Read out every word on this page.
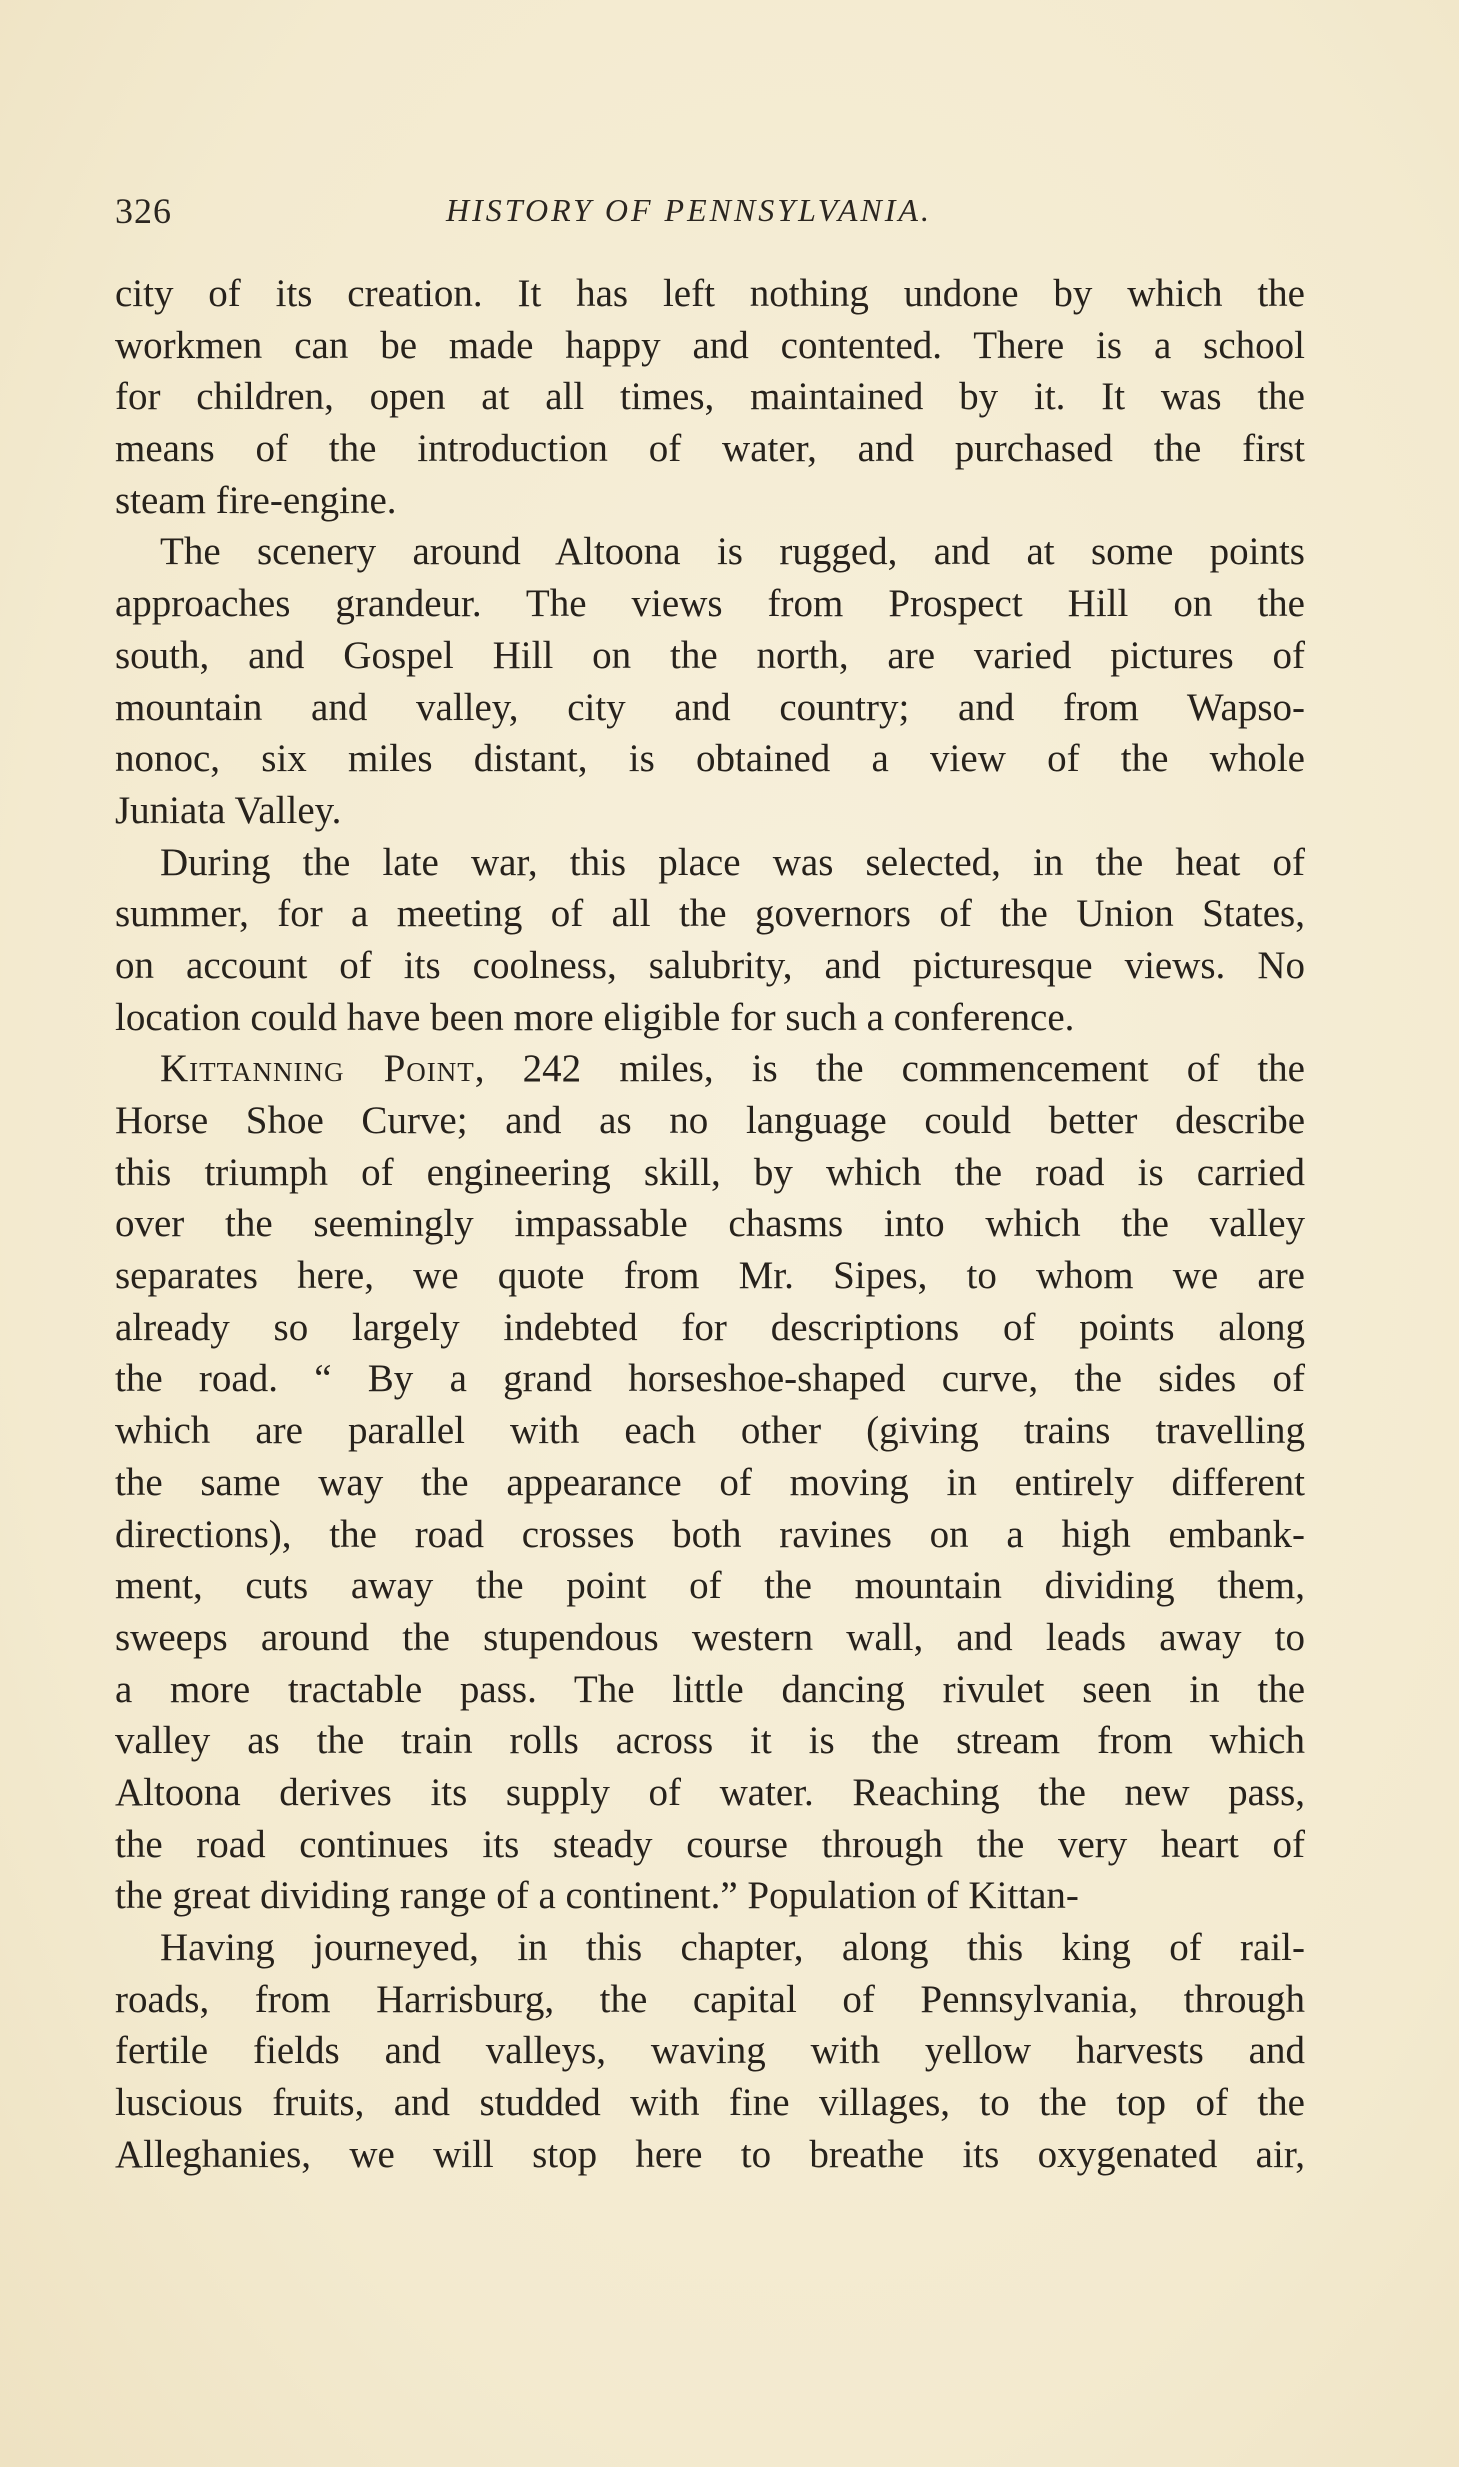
326	HISTORY OF PENNSYLVANIA.
city of its creation. It has left nothing undone by which the
workmen can be made happy and contented. There is a school
for children, open at all times, maintained by it. It was the
means of the introduction of water, and purchased the first
steam fire-engine.
The scenery around Altoona is rugged, and at some points
approaches grandeur. The views from Prospect Hill on the
south, and Gospel Hill on the north, are varied pictures of
mountain and valley, city and country; and from Wapso-
nonoc, six miles distant, is obtained a view of the whole
Juniata Valley.
During the late war, this place was selected, in the heat of
summer, for a meeting of all the governors of the Union States,
on account of its coolness, salubrity, and picturesque views. No
location could have been more eligible for such a conference.
Kittanning Point, 242 miles, is the commencement of the
Horse Shoe Curve; and as no language could better describe
this triumph of engineering skill, by which the road is carried
over the seemingly impassable chasms into which the valley
separates here, we quote from Mr. Sipes, to whom we are
already so largely indebted for descriptions of points along
the road. “ By a grand horseshoe-shaped curve, the sides of
which are parallel with each other (giving trains travelling
the same way the appearance of moving in entirely different
directions), the road crosses both ravines on a high embank-
ment, cuts away the point of the mountain dividing them,
sweeps around the stupendous western wall, and leads away to
a more tractable pass. The little dancing rivulet seen in the
valley as the train rolls across it is the stream from which
Altoona derives its supply of water. Reaching the new pass,
the road continues its steady course through the very heart of
the great dividing range of a continent.” Population of Kittan-
Having journeyed, in this chapter, along this king of rail-
roads, from Harrisburg, the capital of Pennsylvania, through
fertile fields and valleys, waving with yellow harvests and
luscious fruits, and studded with fine villages, to the top of the
Alleghanies, we will stop here to breathe its oxygenated air,
